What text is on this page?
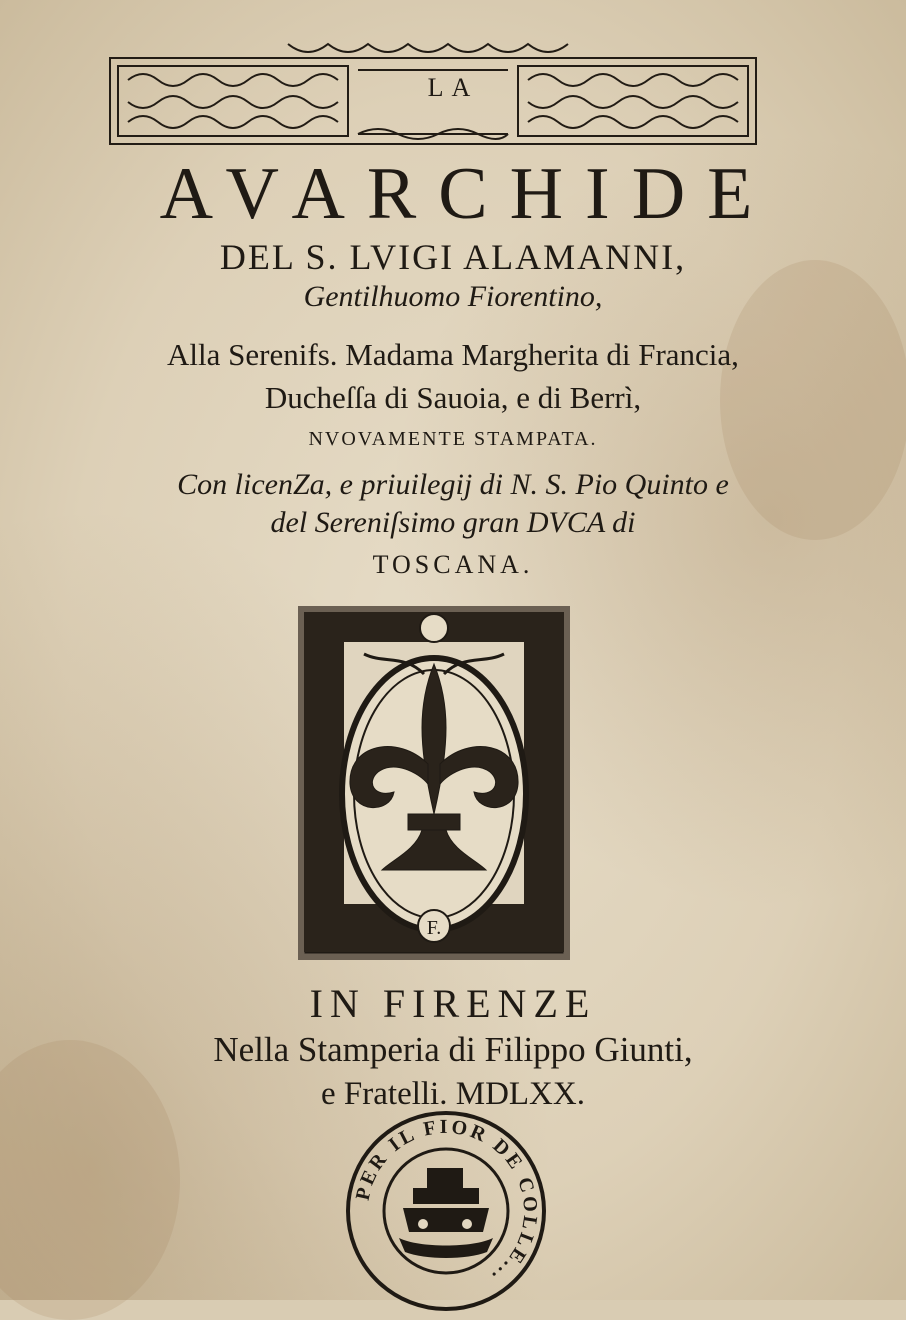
LA
AVARCHIDE
DEL S. LVIGI ALAMANNI,
Gentilhuomo Fiorentino,
Alla Serenifs. Madama Margherita di Francia,
Ducheſſa di Sauoia, e di Berrì,
NVOVAMENTE STAMPATA.
Con licenZa, e priuilegij di N. S. Pio Quinto e
del Sereniſsimo gran DVCA di
TOSCANA.
F.
IN FIRENZE
Nella Stamperia di Filippo Giunti,
e Fratelli. MDLXX.
PER IL FIOR DE COLLE...
